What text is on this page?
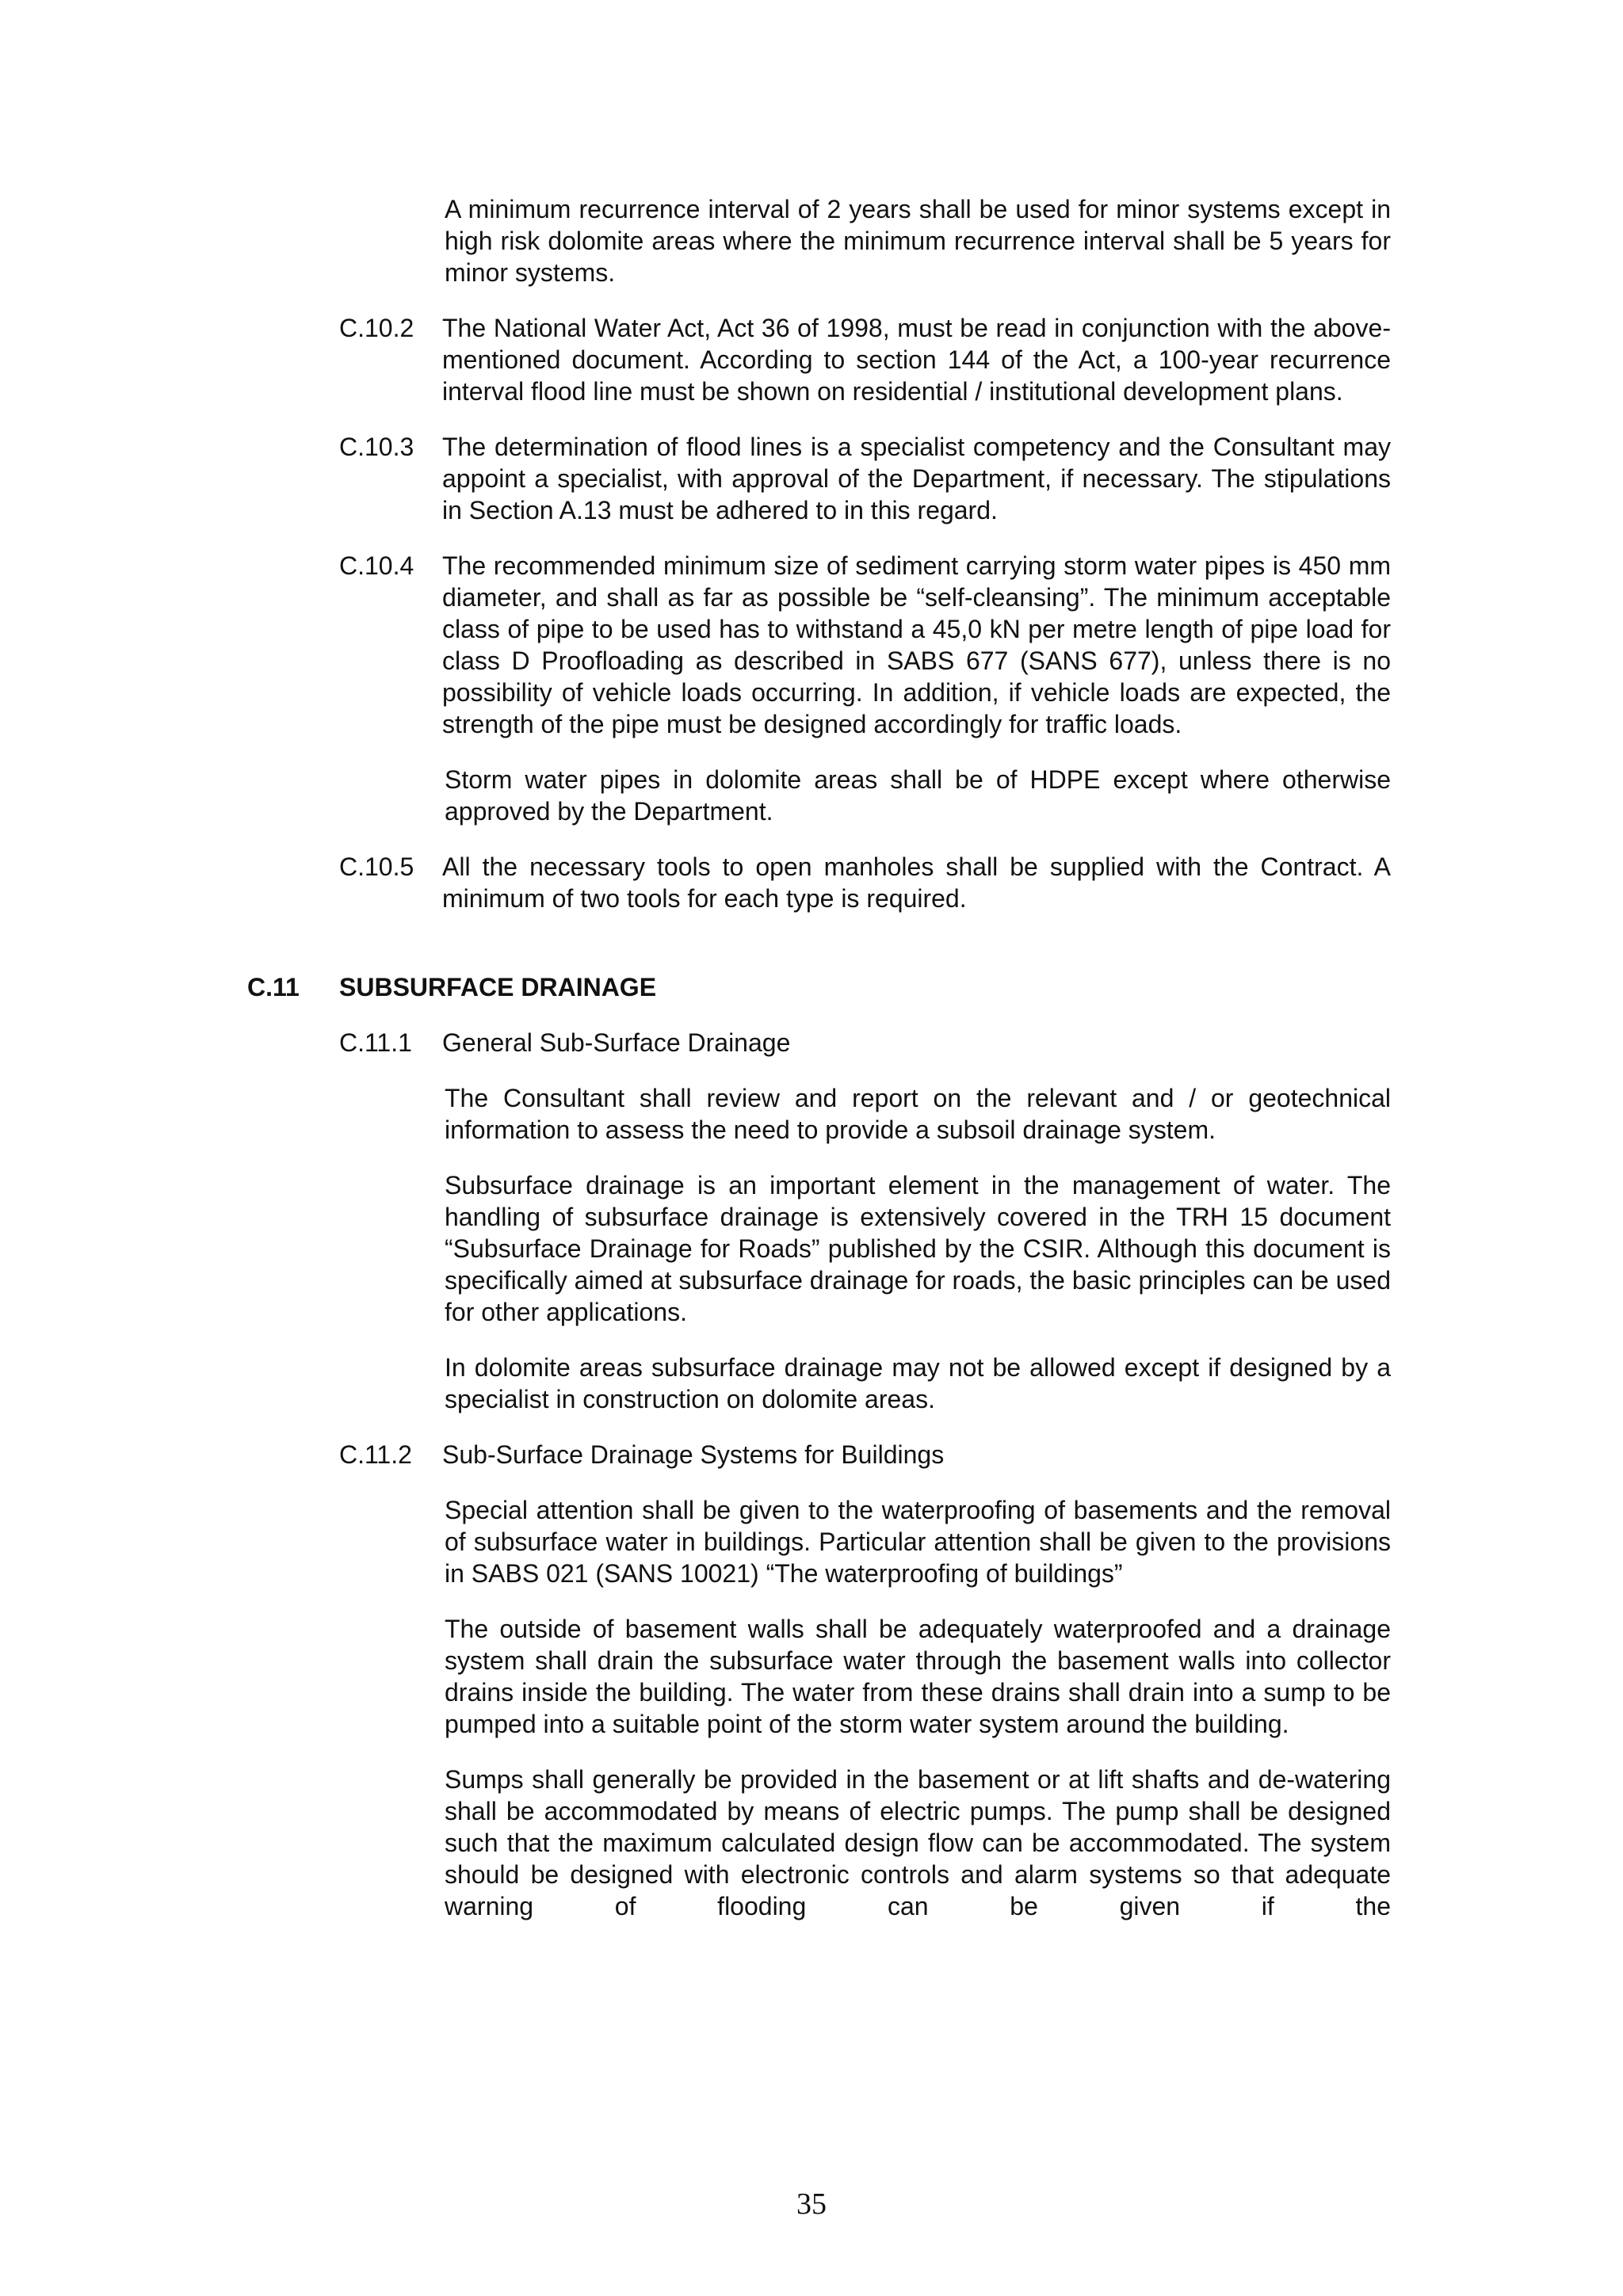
A minimum recurrence interval of 2 years shall be used for minor systems except in high risk dolomite areas where the minimum recurrence interval shall be 5 years for minor systems.

C.10.2	The National Water Act, Act 36 of 1998, must be read in conjunction with the above-mentioned document. According to section 144 of the Act, a 100-year recurrence interval flood line must be shown on residential / institutional development plans.

C.10.3	The determination of flood lines is a specialist competency and the Consultant may appoint a specialist, with approval of the Department, if necessary. The stipulations in Section A.13 must be adhered to in this regard.

C.10.4	The recommended minimum size of sediment carrying storm water pipes is 450 mm diameter, and shall as far as possible be “self-cleansing”. The minimum acceptable class of pipe to be used has to withstand a 45,0 kN per metre length of pipe load for class D Proofloading as described in SABS 677 (SANS 677), unless there is no possibility of vehicle loads occurring. In addition, if vehicle loads are expected, the strength of the pipe must be designed accordingly for traffic loads.

Storm water pipes in dolomite areas shall be of HDPE except where otherwise approved by the Department.

C.10.5	All the necessary tools to open manholes shall be supplied with the Contract. A minimum of two tools for each type is required.

C.11	SUBSURFACE DRAINAGE
C.11.1	General Sub-Surface Drainage

The Consultant shall review and report on the relevant and / or geotechnical information to assess the need to provide a subsoil drainage system.

Subsurface drainage is an important element in the management of water. The handling of subsurface drainage is extensively covered in the TRH 15 document “Subsurface Drainage for Roads” published by the CSIR. Although this document is specifically aimed at subsurface drainage for roads, the basic principles can be used for other applications.

In dolomite areas subsurface drainage may not be allowed except if designed by a specialist in construction on dolomite areas.

C.11.2	Sub-Surface Drainage Systems for Buildings

Special attention shall be given to the waterproofing of basements and the removal of subsurface water in buildings. Particular attention shall be given to the provisions in SABS 021 (SANS 10021) “The waterproofing of buildings”

The outside of basement walls shall be adequately waterproofed and a drainage system shall drain the subsurface water through the basement walls into collector drains inside the building. The water from these drains shall drain into a sump to be pumped into a suitable point of the storm water system around the building.

Sumps shall generally be provided in the basement or at lift shafts and de-watering shall be accommodated by means of electric pumps. The pump shall be designed such that the maximum calculated design flow can be accommodated. The system should be designed with electronic controls and alarm systems so that adequate warning of flooding can be given if the

35
